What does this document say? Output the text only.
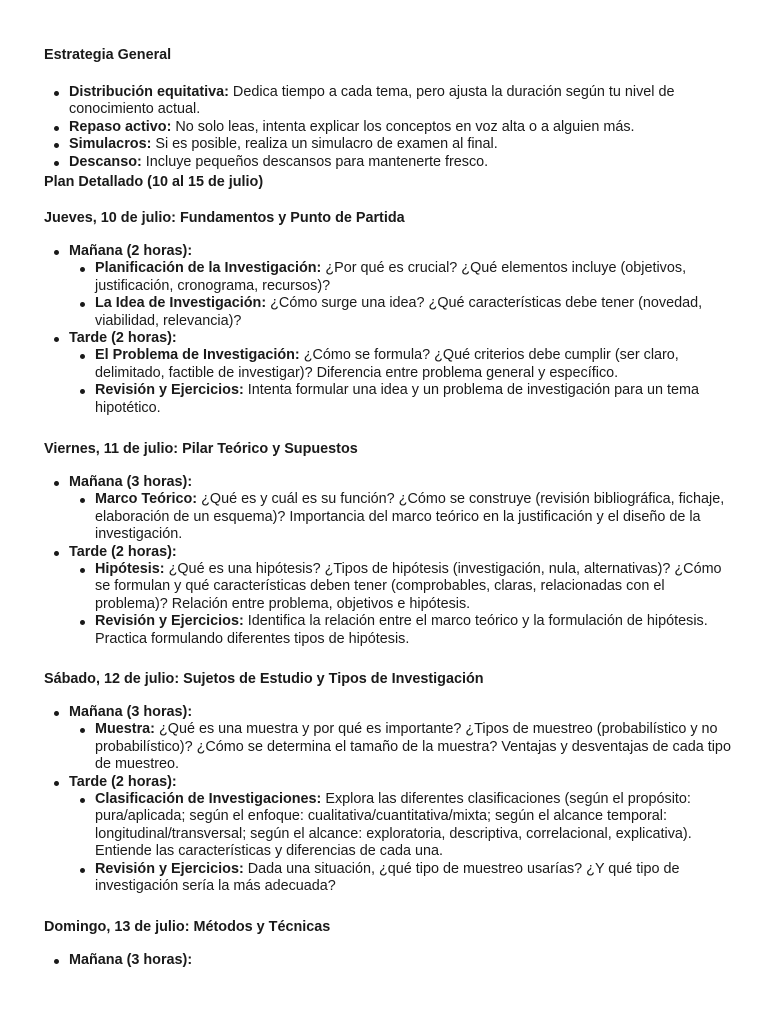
Estrategia General
Distribución equitativa: Dedica tiempo a cada tema, pero ajusta la duración según tu nivel de conocimiento actual.
Repaso activo: No solo leas, intenta explicar los conceptos en voz alta o a alguien más.
Simulacros: Si es posible, realiza un simulacro de examen al final.
Descanso: Incluye pequeños descansos para mantenerte fresco.
Plan Detallado (10 al 15 de julio)
Jueves, 10 de julio: Fundamentos y Punto de Partida
Mañana (2 horas):
Planificación de la Investigación: ¿Por qué es crucial? ¿Qué elementos incluye (objetivos, justificación, cronograma, recursos)?
La Idea de Investigación: ¿Cómo surge una idea? ¿Qué características debe tener (novedad, viabilidad, relevancia)?
Tarde (2 horas):
El Problema de Investigación: ¿Cómo se formula? ¿Qué criterios debe cumplir (ser claro, delimitado, factible de investigar)? Diferencia entre problema general y específico.
Revisión y Ejercicios: Intenta formular una idea y un problema de investigación para un tema hipotético.
Viernes, 11 de julio: Pilar Teórico y Supuestos
Mañana (3 horas):
Marco Teórico: ¿Qué es y cuál es su función? ¿Cómo se construye (revisión bibliográfica, fichaje, elaboración de un esquema)? Importancia del marco teórico en la justificación y el diseño de la investigación.
Tarde (2 horas):
Hipótesis: ¿Qué es una hipótesis? ¿Tipos de hipótesis (investigación, nula, alternativas)? ¿Cómo se formulan y qué características deben tener (comprobables, claras, relacionadas con el problema)? Relación entre problema, objetivos e hipótesis.
Revisión y Ejercicios: Identifica la relación entre el marco teórico y la formulación de hipótesis. Practica formulando diferentes tipos de hipótesis.
Sábado, 12 de julio: Sujetos de Estudio y Tipos de Investigación
Mañana (3 horas):
Muestra: ¿Qué es una muestra y por qué es importante? ¿Tipos de muestreo (probabilístico y no probabilístico)? ¿Cómo se determina el tamaño de la muestra? Ventajas y desventajas de cada tipo de muestreo.
Tarde (2 horas):
Clasificación de Investigaciones: Explora las diferentes clasificaciones (según el propósito: pura/aplicada; según el enfoque: cualitativa/cuantitativa/mixta; según el alcance temporal: longitudinal/transversal; según el alcance: exploratoria, descriptiva, correlacional, explicativa). Entiende las características y diferencias de cada una.
Revisión y Ejercicios: Dada una situación, ¿qué tipo de muestreo usarías? ¿Y qué tipo de investigación sería la más adecuada?
Domingo, 13 de julio: Métodos y Técnicas
Mañana (3 horas):
